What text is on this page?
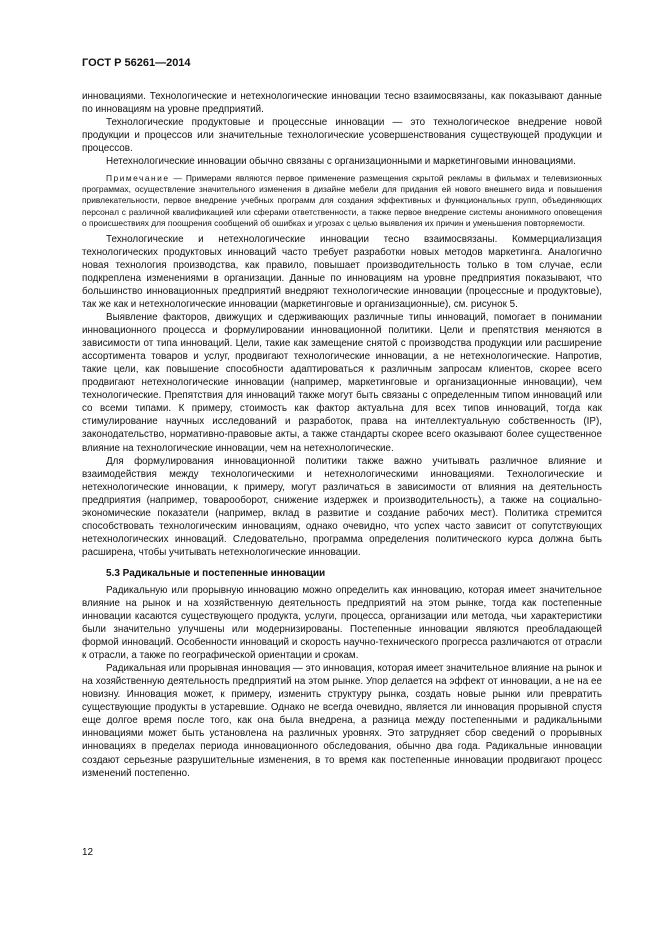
ГОСТ Р 56261—2014

инновациями. Технологические и нетехнологические инновации тесно взаимосвязаны, как показывают данные по инновациям на уровне предприятий.

Технологические продуктовые и процессные инновации — это технологическое внедрение новой продукции и процессов или значительные технологические усовершенствования существующей продукции и процессов.

Нетехнологические инновации обычно связаны с организационными и маркетинговыми инновациями.

Примечание — Примерами являются первое применение размещения скрытой рекламы в фильмах и телевизионных программах, осуществление значительного изменения в дизайне мебели для придания ей нового внешнего вида и повышения привлекательности, первое внедрение учебных программ для создания эффективных и функциональных групп, объединяющих персонал с различной квалификацией или сферами ответственности, а также первое внедрение системы анонимного оповещения о происшествиях для поощрения сообщений об ошибках и угрозах с целью выявления их причин и уменьшения повторяемости.

Технологические и нетехнологические инновации тесно взаимосвязаны. Коммерциализация технологических продуктовых инноваций часто требует разработки новых методов маркетинга. Аналогично новая технология производства, как правило, повышает производительность только в том случае, если подкреплена изменениями в организации. Данные по инновациям на уровне предприятия показывают, что большинство инновационных предприятий внедряют технологические инновации (процессные и продуктовые), так же как и нетехнологические инновации (маркетинговые и организационные), см. рисунок 5.

Выявление факторов, движущих и сдерживающих различные типы инноваций, помогает в понимании инновационного процесса и формулировании инновационной политики. Цели и препятствия меняются в зависимости от типа инноваций. Цели, такие как замещение снятой с производства продукции или расширение ассортимента товаров и услуг, продвигают технологические инновации, а не нетехнологические. Напротив, такие цели, как повышение способности адаптироваться к различным запросам клиентов, скорее всего продвигают нетехнологические инновации (например, маркетинговые и организационные инновации), чем технологические. Препятствия для инноваций также могут быть связаны с определенным типом инноваций или со всеми типами. К примеру, стоимость как фактор актуальна для всех типов инноваций, тогда как стимулирование научных исследований и разработок, права на интеллектуальную собственность (IP), законодательство, нормативно-правовые акты, а также стандарты скорее всего оказывают более существенное влияние на технологические инновации, чем на нетехнологические.

Для формулирования инновационной политики также важно учитывать различное влияние и взаимодействия между технологическими и нетехнологическими инновациями. Технологические и нетехнологические инновации, к примеру, могут различаться в зависимости от влияния на деятельность предприятия (например, товарооборот, снижение издержек и производительность), а также на социально-экономические показатели (например, вклад в развитие и создание рабочих мест). Политика стремится способствовать технологическим инновациям, однако очевидно, что успех часто зависит от сопутствующих нетехнологических инноваций. Следовательно, программа определения политического курса должна быть расширена, чтобы учитывать нетехнологические инновации.

5.3 Радикальные и постепенные инновации

Радикальную или прорывную инновацию можно определить как инновацию, которая имеет значительное влияние на рынок и на хозяйственную деятельность предприятий на этом рынке, тогда как постепенные инновации касаются существующего продукта, услуги, процесса, организации или метода, чьи характеристики были значительно улучшены или модернизированы. Постепенные инновации являются преобладающей формой инноваций. Особенности инноваций и скорость научно-технического прогресса различаются от отрасли к отрасли, а также по географической ориентации и срокам.

Радикальная или прорывная инновация — это инновация, которая имеет значительное влияние на рынок и на хозяйственную деятельность предприятий на этом рынке. Упор делается на эффект от инновации, а не на ее новизну. Инновация может, к примеру, изменить структуру рынка, создать новые рынки или превратить существующие продукты в устаревшие. Однако не всегда очевидно, является ли инновация прорывной спустя еще долгое время после того, как она была внедрена, а разница между постепенными и радикальными инновациями может быть установлена на различных уровнях. Это затрудняет сбор сведений о прорывных инновациях в пределах периода инновационного обследования, обычно два года. Радикальные инновации создают серьезные разрушительные изменения, в то время как постепенные инновации продвигают процесс изменений постепенно.

12
